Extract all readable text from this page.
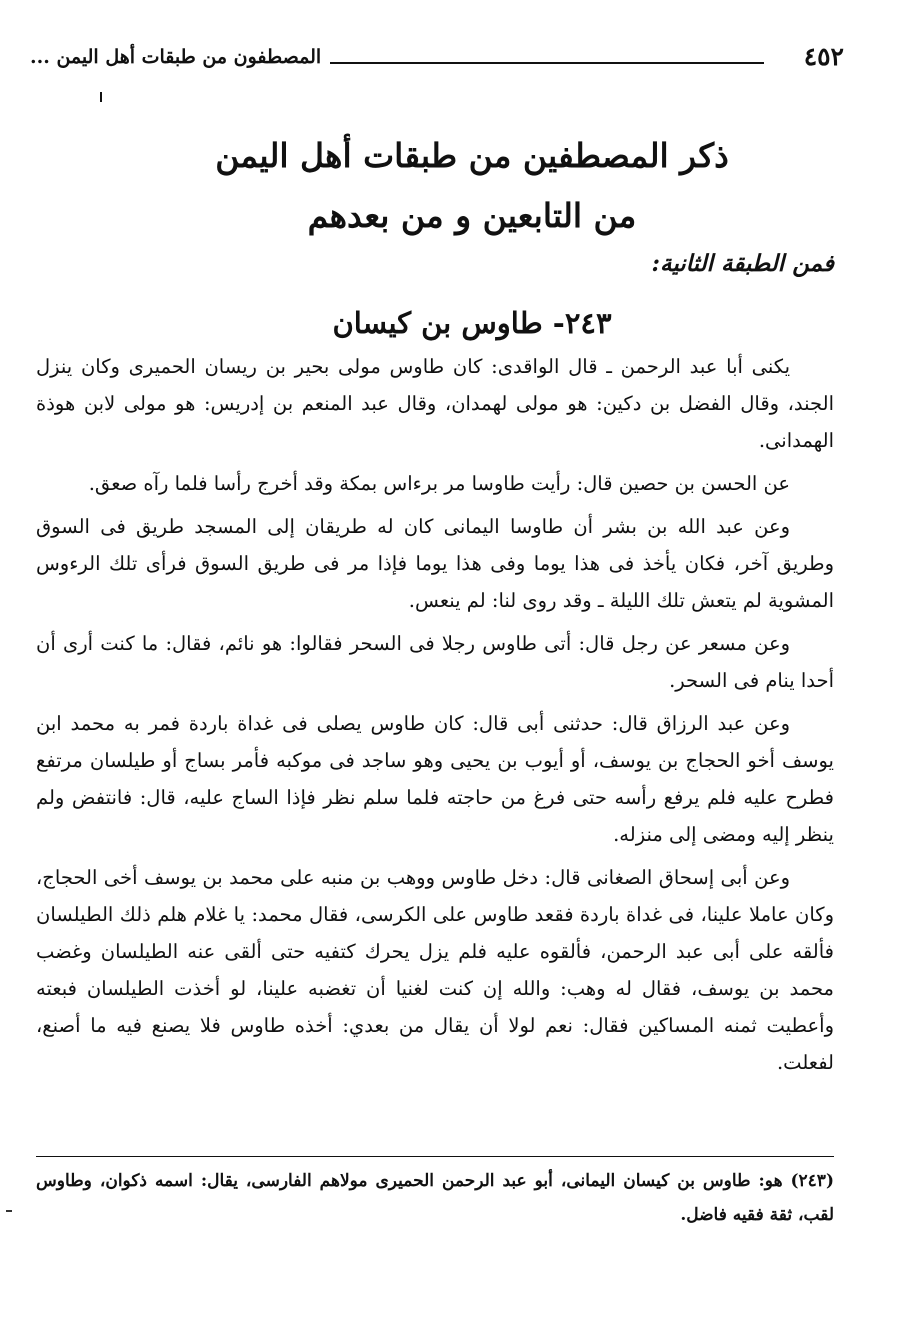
٤٥٢
المصطفون من طبقات أهل اليمن ...
ذكر المصطفين من طبقات أهل اليمن
من التابعين و من بعدهم
فمن الطبقة الثانية:
٢٤٣- طاوس بن كيسان

يكنى أبا عبد الرحمن ـ قال الواقدى: كان طاوس مولى بحير بن ريسان الحميرى وكان ينزل الجند، وقال الفضل بن دكين: هو مولى لهمدان، وقال عبد المنعم بن إدريس: هو مولى لابن هوذة الهمدانى.

عن الحسن بن حصين قال: رأيت طاوسا مر برءاس بمكة وقد أخرج رأسا فلما رآه صعق.

وعن عبد الله بن بشر أن طاوسا اليمانى كان له طريقان إلى المسجد طريق فى السوق وطريق آخر، فكان يأخذ فى هذا يوما وفى هذا يوما فإذا مر فى طريق السوق فرأى تلك الرءوس المشوية لم يتعش تلك الليلة ـ وقد روى لنا: لم ينعس.

وعن مسعر عن رجل قال: أتى طاوس رجلا فى السحر فقالوا: هو نائم، فقال: ما كنت أرى أن أحدا ينام فى السحر.

وعن عبد الرزاق قال: حدثنى أبى قال: كان طاوس يصلى فى غداة باردة فمر به محمد ابن يوسف أخو الحجاج بن يوسف، أو أيوب بن يحيى وهو ساجد فى موكبه فأمر بساج أو طيلسان مرتفع فطرح عليه فلم يرفع رأسه حتى فرغ من حاجته فلما سلم نظر فإذا الساج عليه، قال: فانتفض ولم ينظر إليه ومضى إلى منزله.

وعن أبى إسحاق الصغانى قال: دخل طاوس ووهب بن منبه على محمد بن يوسف أخى الحجاج، وكان عاملا علينا، فى غداة باردة فقعد طاوس على الكرسى، فقال محمد: يا غلام هلم ذلك الطيلسان فألقه على أبى عبد الرحمن، فألقوه عليه فلم يزل يحرك كتفيه حتى ألقى عنه الطيلسان وغضب محمد بن يوسف، فقال له وهب: والله إن كنت لغنيا أن تغضبه علينا، لو أخذت الطيلسان فبعته وأعطيت ثمنه المساكين فقال: نعم لولا أن يقال من بعدي: أخذه طاوس فلا يصنع فيه ما أصنع، لفعلت.

(٢٤٣) هو: طاوس بن كيسان اليمانى، أبو عبد الرحمن الحميرى مولاهم الفارسى، يقال: اسمه ذكوان، وطاوس لقب، ثقة فقيه فاضل.
